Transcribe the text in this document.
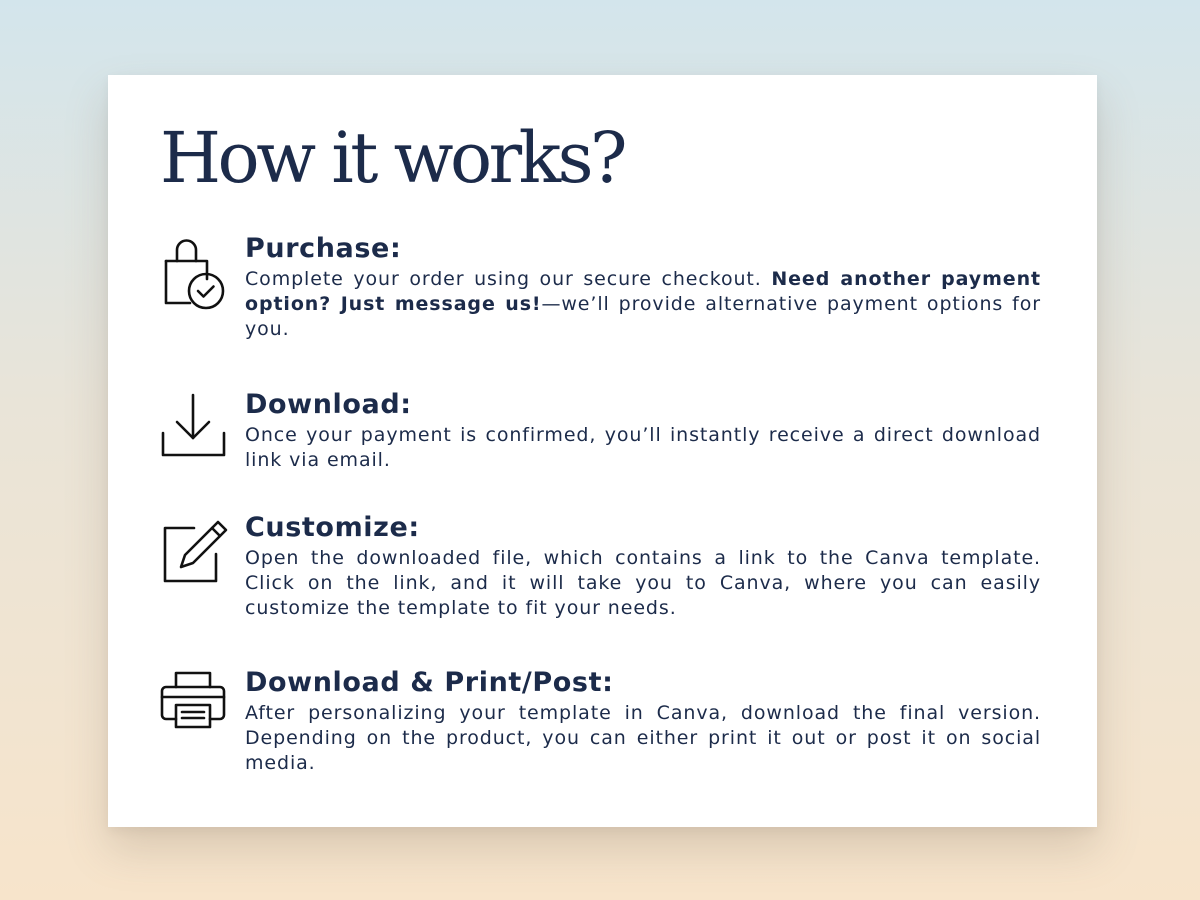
How it works?
Purchase:

Complete your order using our secure checkout. Need another payment option? Just message us!—we’ll provide alternative payment options for you.

Download:

Once your payment is confirmed, you’ll instantly receive a direct download link via email.

Customize:

Open the downloaded file, which contains a link to the Canva template. Click on the link, and it will take you to Canva, where you can easily customize the template to fit your needs.

Download & Print/Post:

After personalizing your template in Canva, download the final version. Depending on the product, you can either print it out or post it on social media.
